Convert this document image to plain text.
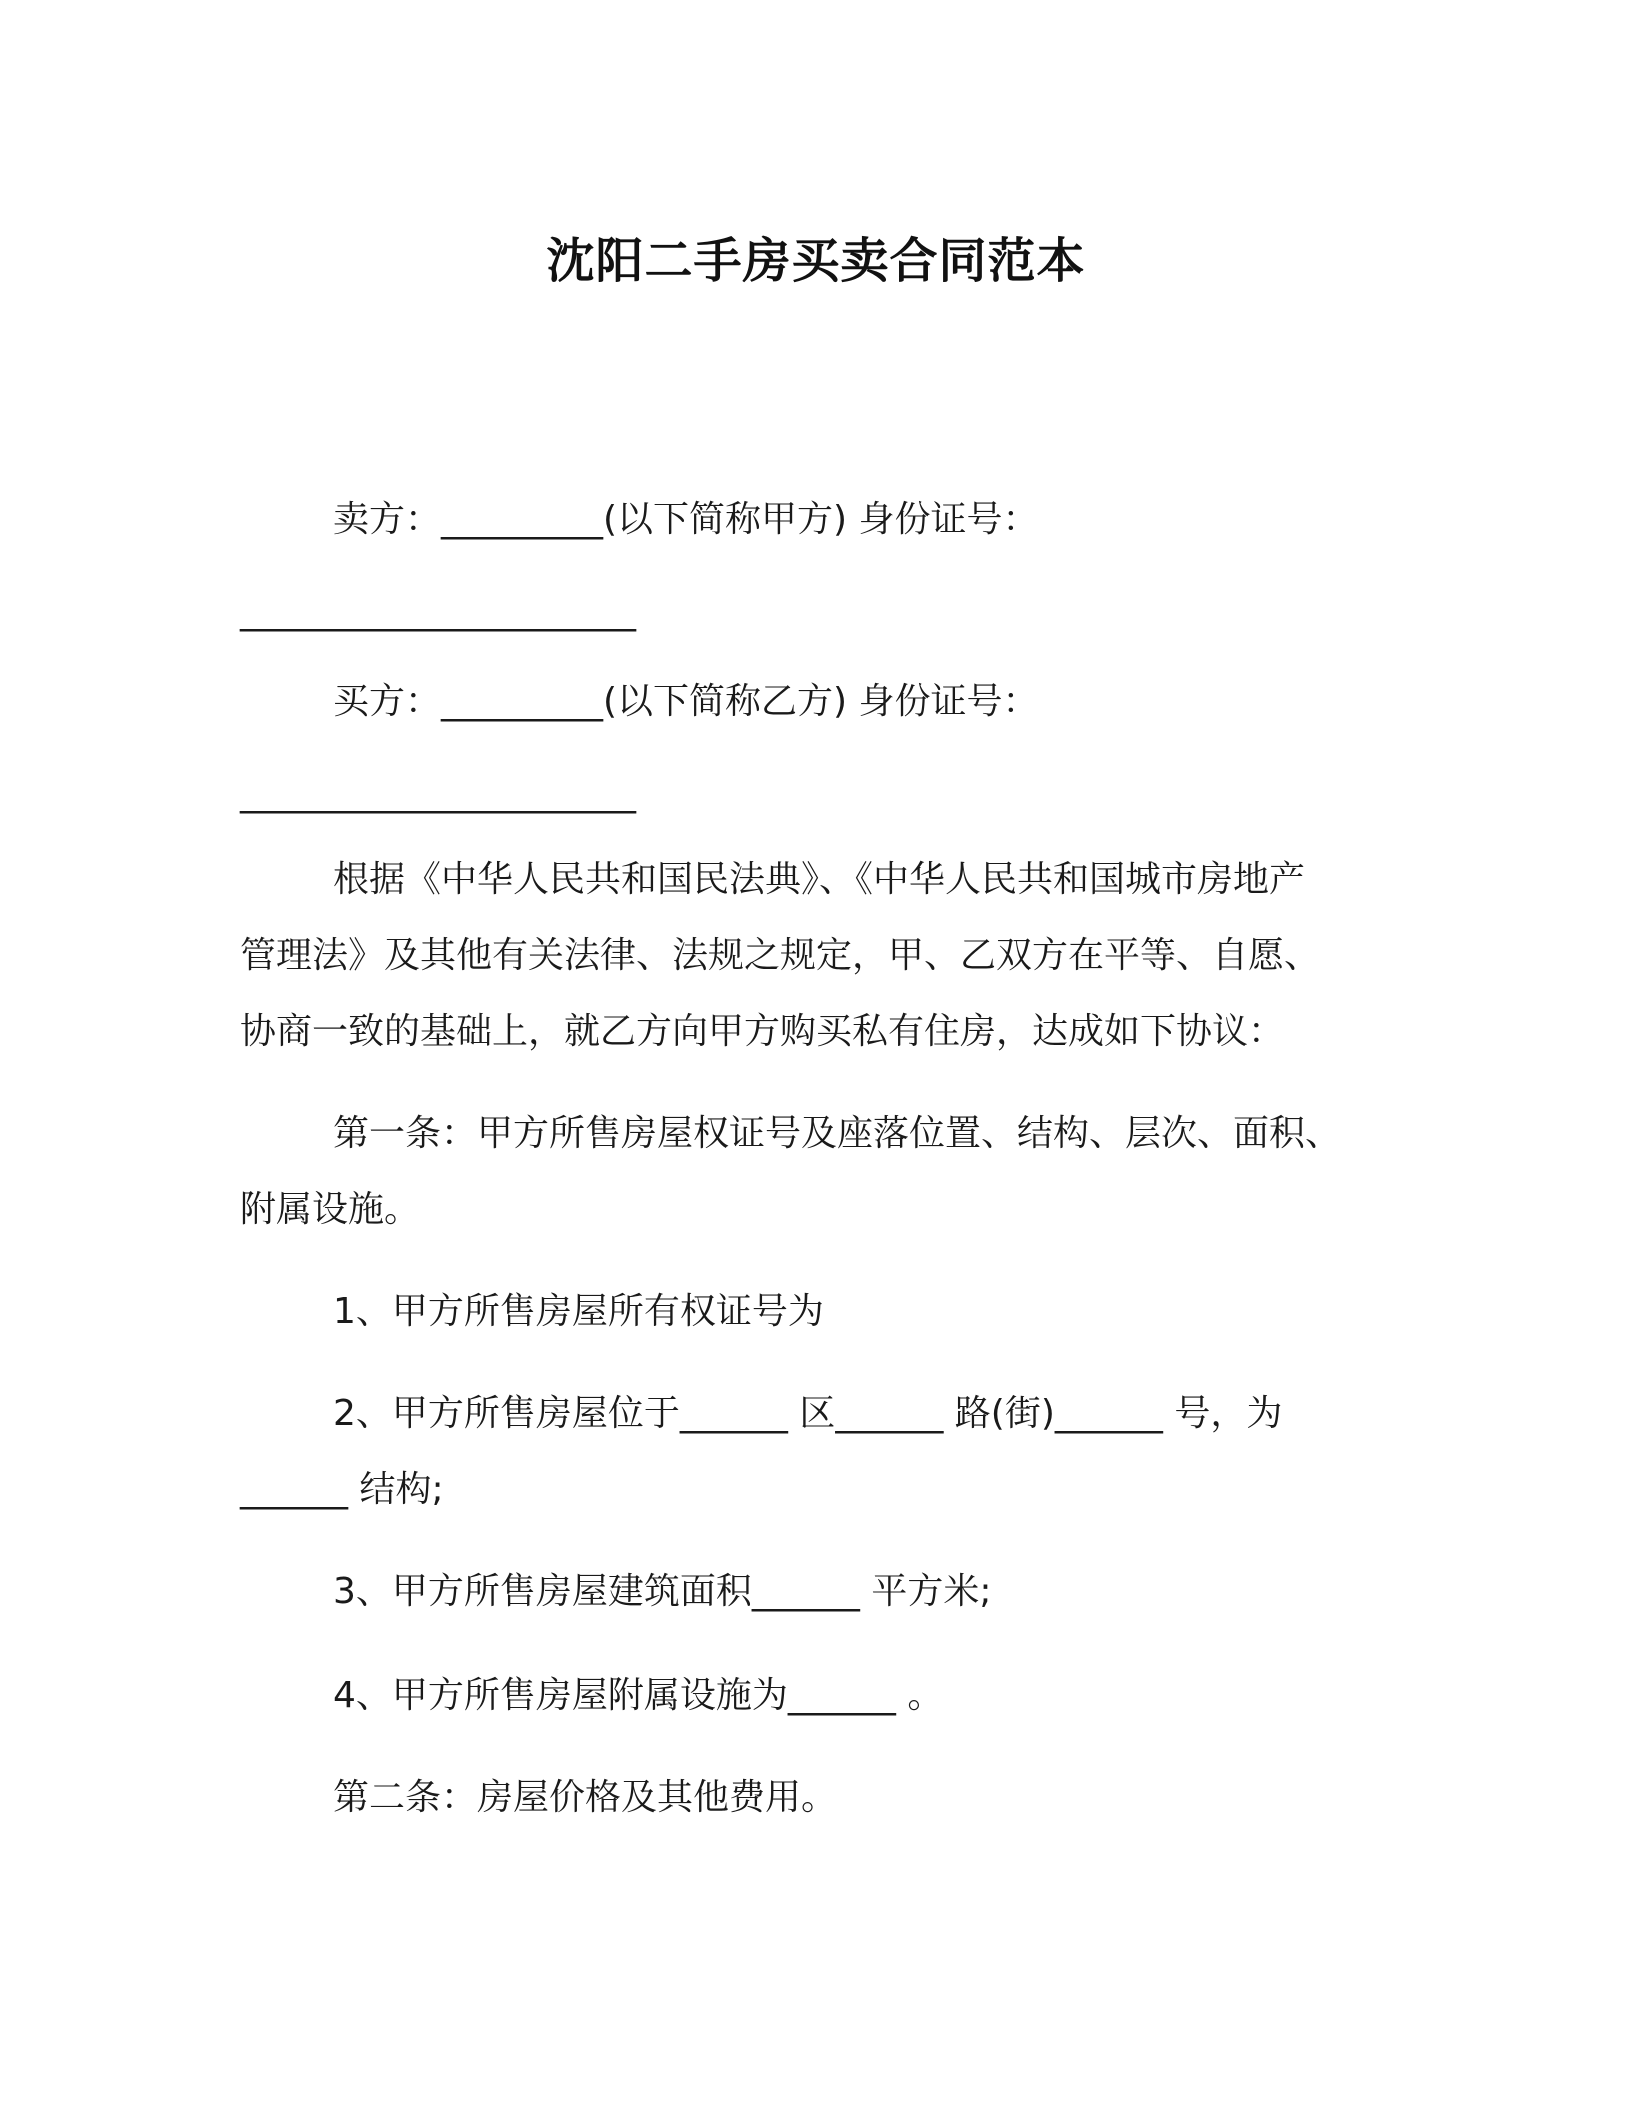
沈阳二手房买卖合同范本
卖方：_________(以下简称甲方) 身份证号：
______________________
买方：_________(以下简称乙方) 身份证号：
______________________
根据《中华人民共和国民法典》、《中华人民共和国城市房地产
管理法》及其他有关法律、法规之规定，甲、乙双方在平等、自愿、
协商一致的基础上，就乙方向甲方购买私有住房，达成如下协议：
第一条：甲方所售房屋权证号及座落位置、结构、层次、面积、
附属设施。
1、甲方所售房屋所有权证号为
2、甲方所售房屋位于______ 区______ 路(街)______ 号，为
______ 结构;
3、甲方所售房屋建筑面积______ 平方米;
4、甲方所售房屋附属设施为______ 。
第二条：房屋价格及其他费用。
